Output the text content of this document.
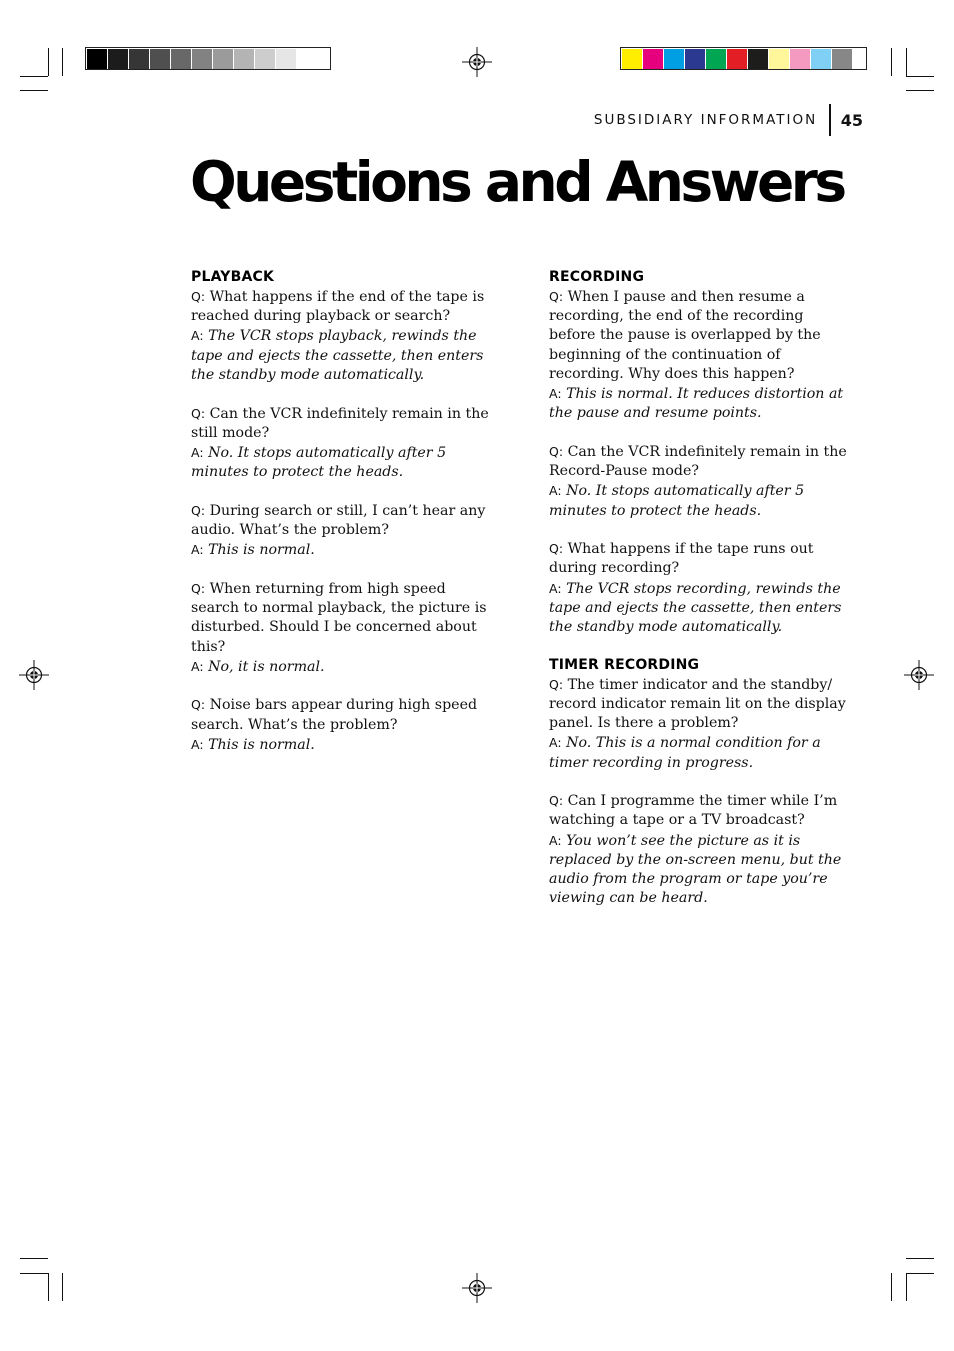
SUBSIDIARY INFORMATION 45
Questions and Answers
PLAYBACK
Q: What happens if the end of the tape is reached during playback or search?
A: The VCR stops playback, rewinds the tape and ejects the cassette, then enters the standby mode automatically.
Q: Can the VCR indefinitely remain in the still mode?
A: No. It stops automatically after 5 minutes to protect the heads.
Q: During search or still, I can’t hear any audio. What’s the problem?
A: This is normal.
Q: When returning from high speed search to normal playback, the picture is disturbed. Should I be concerned about this?
A: No, it is normal.
Q: Noise bars appear during high speed search. What’s the problem?
A: This is normal.
RECORDING
Q: When I pause and then resume a recording, the end of the recording before the pause is overlapped by the beginning of the continuation of recording. Why does this happen?
A: This is normal. It reduces distortion at the pause and resume points.
Q: Can the VCR indefinitely remain in the Record-Pause mode?
A: No. It stops automatically after 5 minutes to protect the heads.
Q: What happens if the tape runs out during recording?
A: The VCR stops recording, rewinds the tape and ejects the cassette, then enters the standby mode automatically.
TIMER RECORDING
Q: The timer indicator and the standby/ record indicator remain lit on the display panel. Is there a problem?
A: No. This is a normal condition for a timer recording in progress.
Q: Can I programme the timer while I’m watching a tape or a TV broadcast?
A: You won’t see the picture as it is replaced by the on-screen menu, but the audio from the program or tape you’re viewing can be heard.
